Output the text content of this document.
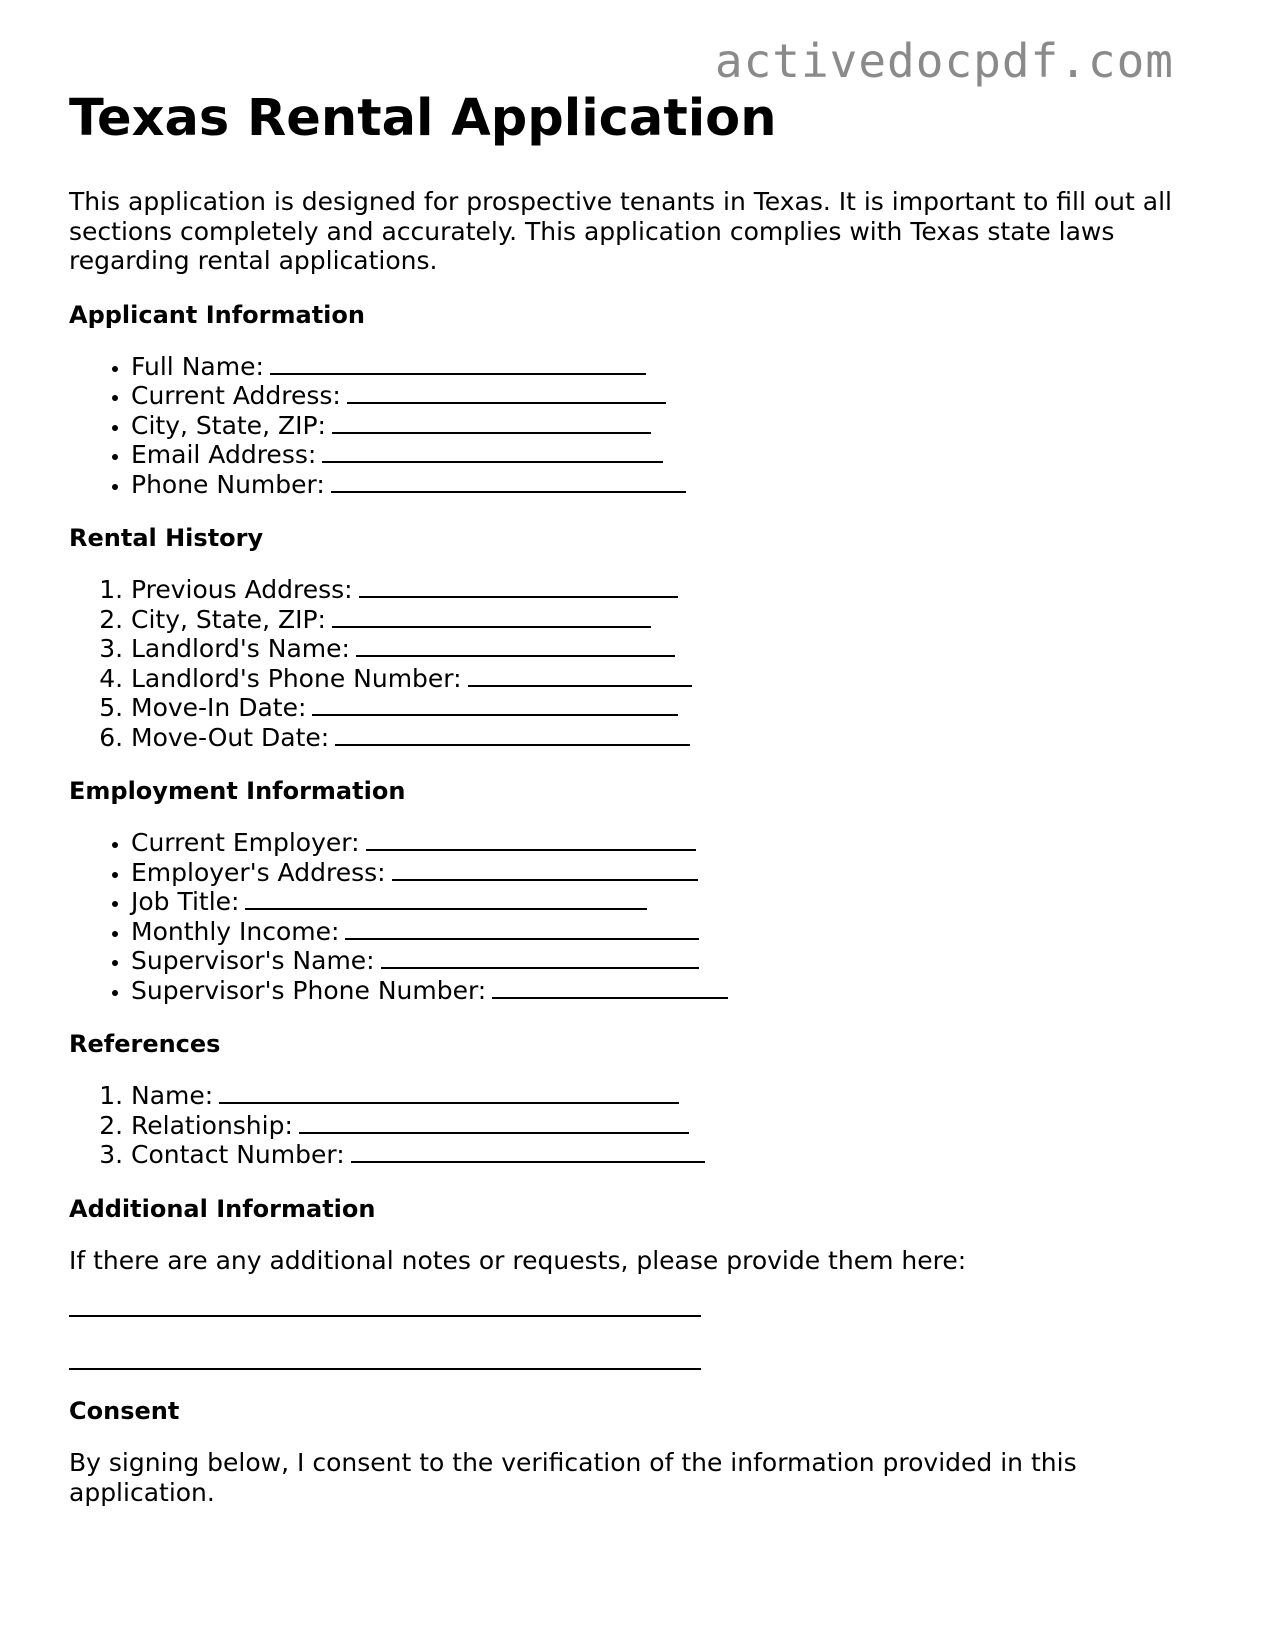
activedocpdf.com
Texas Rental Application

This application is designed for prospective tenants in Texas. It is important to fill out all sections completely and accurately. This application complies with Texas state laws regarding rental applications.

Applicant Information
• Full Name:
• Current Address:
• City, State, ZIP:
• Email Address:
• Phone Number:
Rental History
1. Previous Address:
2. City, State, ZIP:
3. Landlord's Name:
4. Landlord's Phone Number:
5. Move-In Date:
6. Move-Out Date:
Employment Information
• Current Employer:
• Employer's Address:
• Job Title:
• Monthly Income:
• Supervisor's Name:
• Supervisor's Phone Number:
References
1. Name:
2. Relationship:
3. Contact Number:
Additional Information

If there are any additional notes or requests, please provide them here:

Consent

By signing below, I consent to the verification of the information provided in this application.
